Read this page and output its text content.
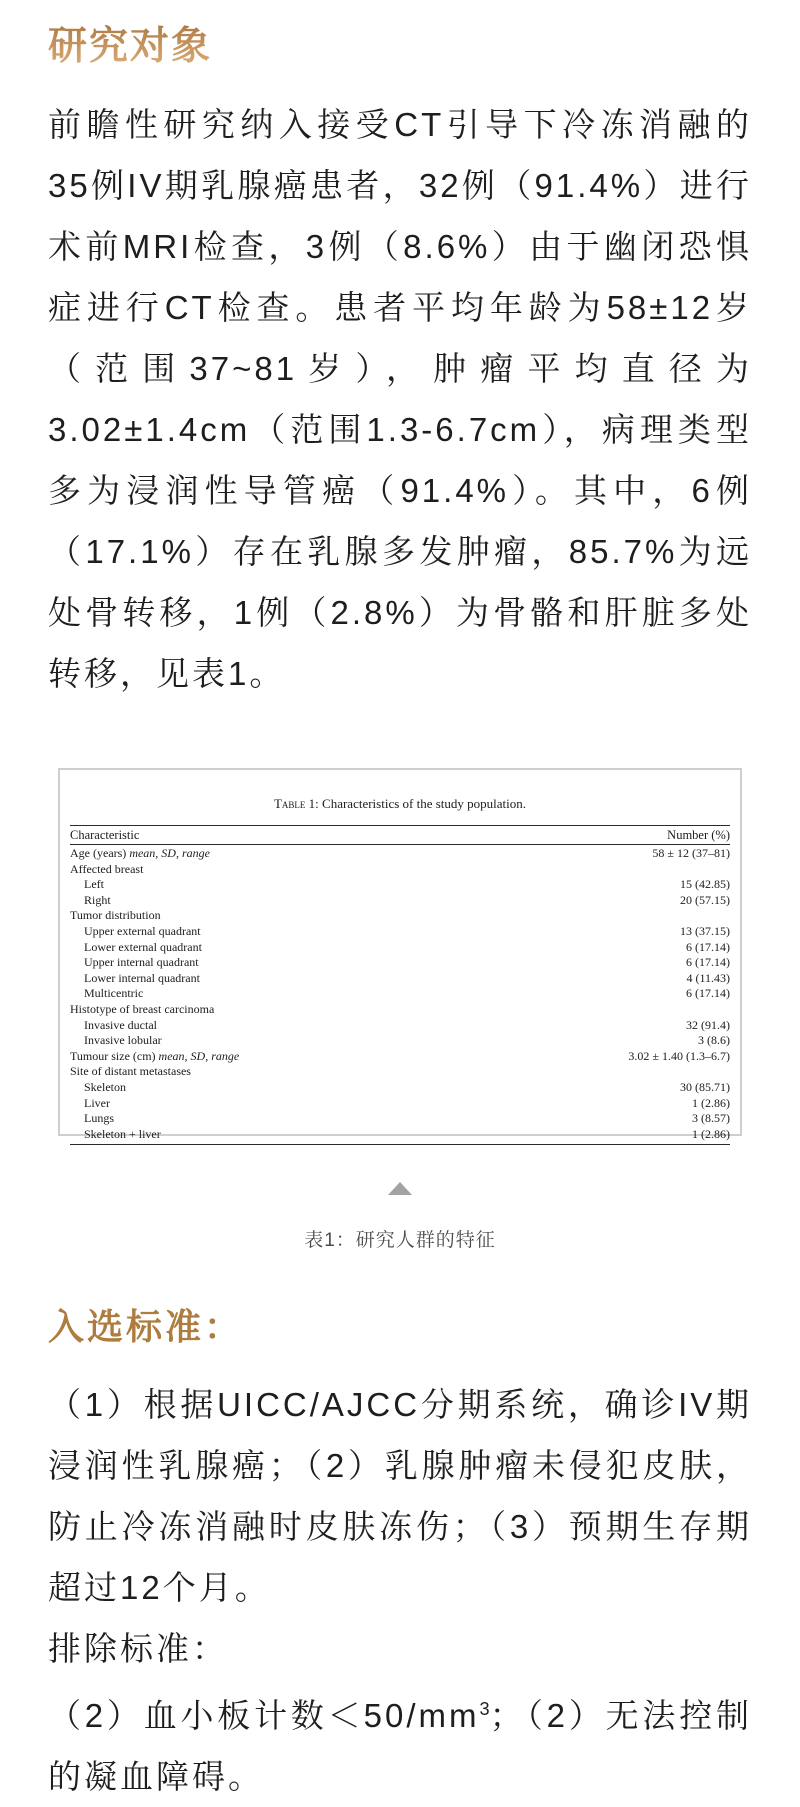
研究对象

前瞻性研究纳入接受CT引导下冷冻消融的35例IV期乳腺癌患者，32例（91.4%）进行术前MRI检查，3例（8.6%）由于幽闭恐惧症进行CT检查。患者平均年龄为58±12岁（范围37~81岁），肿瘤平均直径为3.02±1.4cm（范围1.3-6.7cm），病理类型多为浸润性导管癌（91.4%）。其中，6例（17.1%）存在乳腺多发肿瘤，85.7%为远处骨转移，1例（2.8%）为骨骼和肝脏多处转移，见表1。

Table 1: Characteristics of the study population.
Characteristic	Number (%)
Age (years) mean, SD, range	58 ± 12 (37–81)
Affected breast
Left	15 (42.85)
Right	20 (57.15)
Tumor distribution
Upper external quadrant	13 (37.15)
Lower external quadrant	6 (17.14)
Upper internal quadrant	6 (17.14)
Lower internal quadrant	4 (11.43)
Multicentric	6 (17.14)
Histotype of breast carcinoma
Invasive ductal	32 (91.4)
Invasive lobular	3 (8.6)
Tumour size (cm) mean, SD, range	3.02 ± 1.40 (1.3–6.7)
Site of distant metastases
Skeleton	30 (85.71)
Liver	1 (2.86)
Lungs	3 (8.57)
Skeleton + liver	1 (2.86)
表1：研究人群的特征
入选标准：

（1）根据UICC/AJCC分期系统，确诊IV期浸润性乳腺癌；（2）乳腺肿瘤未侵犯皮肤，防止冷冻消融时皮肤冻伤；（3）预期生存期超过12个月。

排除标准：

（2）血小板计数$<50/mm^3$；（2）无法控制的凝血障碍。
